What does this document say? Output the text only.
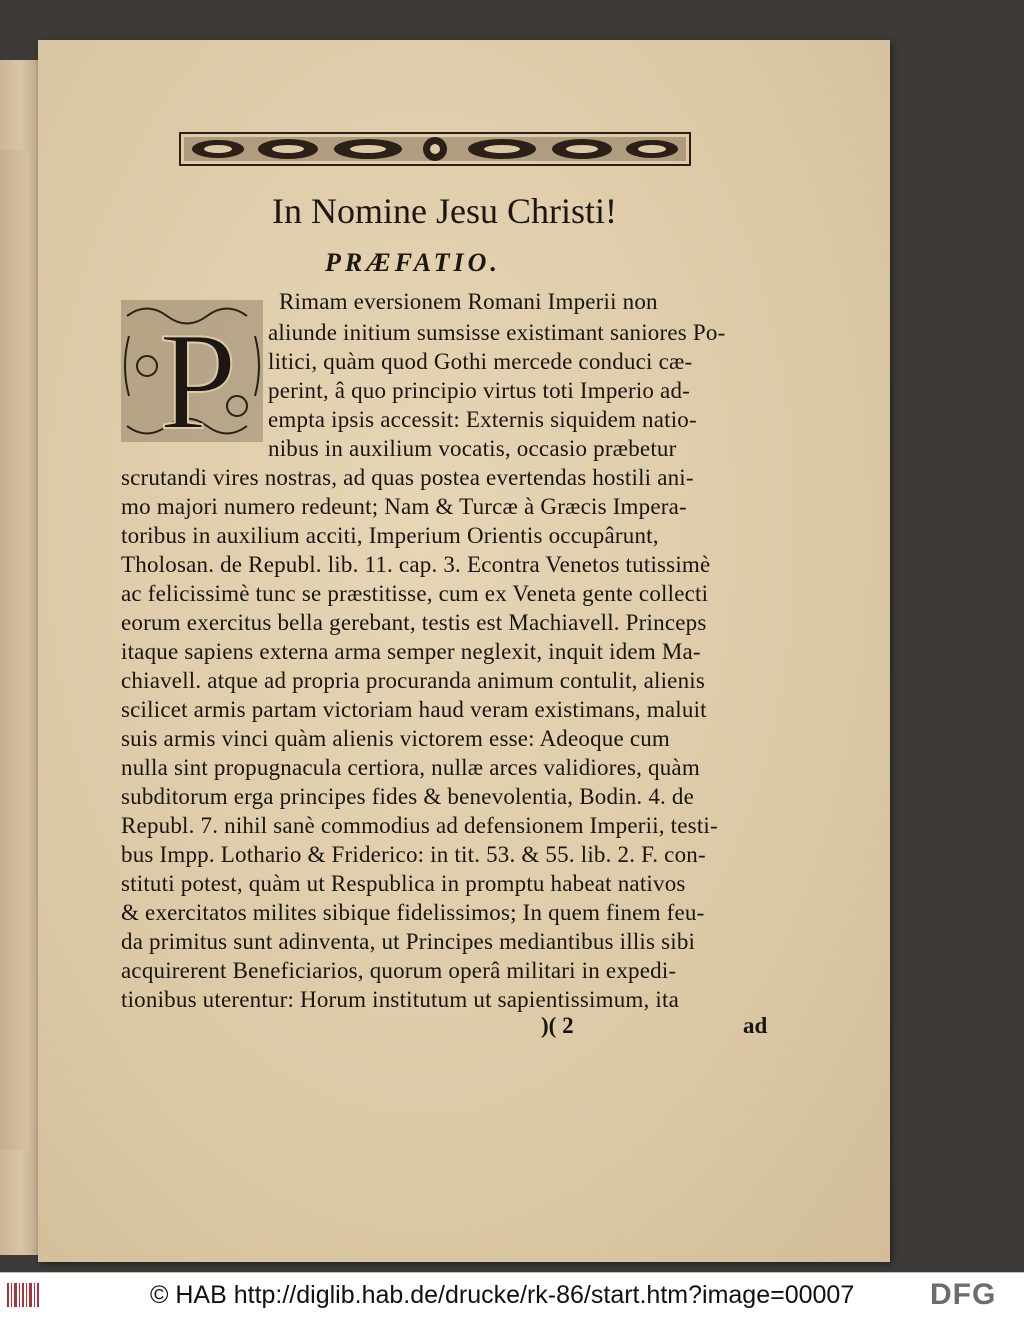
In Nomine Jesu Christi!
PRÆFATIO.
P
Rimam eversionem Romani Imperii non
aliunde initium sumsisse existimant saniores Po-
litici, quàm quod Gothi mercede conduci cæ-
perint, â quo principio virtus toti Imperio ad-
empta ipsis accessit: Externis siquidem natio-
nibus in auxilium vocatis, occasio præbetur
scrutandi vires nostras, ad quas postea evertendas hostili ani-
mo majori numero redeunt; Nam & Turcæ à Græcis Impera-
toribus in auxilium acciti, Imperium Orientis occupârunt,
Tholosan. de Republ. lib. 11. cap. 3. Econtra Venetos tutissimè
ac felicissimè tunc se præstitisse, cum ex Veneta gente collecti
eorum exercitus bella gerebant, testis est Machiavell. Princeps
itaque sapiens externa arma semper neglexit, inquit idem Ma-
chiavell. atque ad propria procuranda animum contulit, alienis
scilicet armis partam victoriam haud veram existimans, maluit
suis armis vinci quàm alienis victorem esse: Adeoque cum
nulla sint propugnacula certiora, nullæ arces validiores, quàm
subditorum erga principes fides & benevolentia, Bodin. 4. de
Republ. 7. nihil sanè commodius ad defensionem Imperii, testi-
bus Impp. Lothario & Friderico: in tit. 53. & 55. lib. 2. F. con-
stituti potest, quàm ut Respublica in promptu habeat nativos
& exercitatos milites sibique fidelissimos; In quem finem feu-
da primitus sunt adinventa, ut Principes mediantibus illis sibi
acquirerent Beneficiarios, quorum operâ militari in expedi-
tionibus uterentur: Horum institutum ut sapientissimum, ita
)( 2	ad
© HAB http://diglib.hab.de/drucke/rk-86/start.htm?image=00007	DFG
